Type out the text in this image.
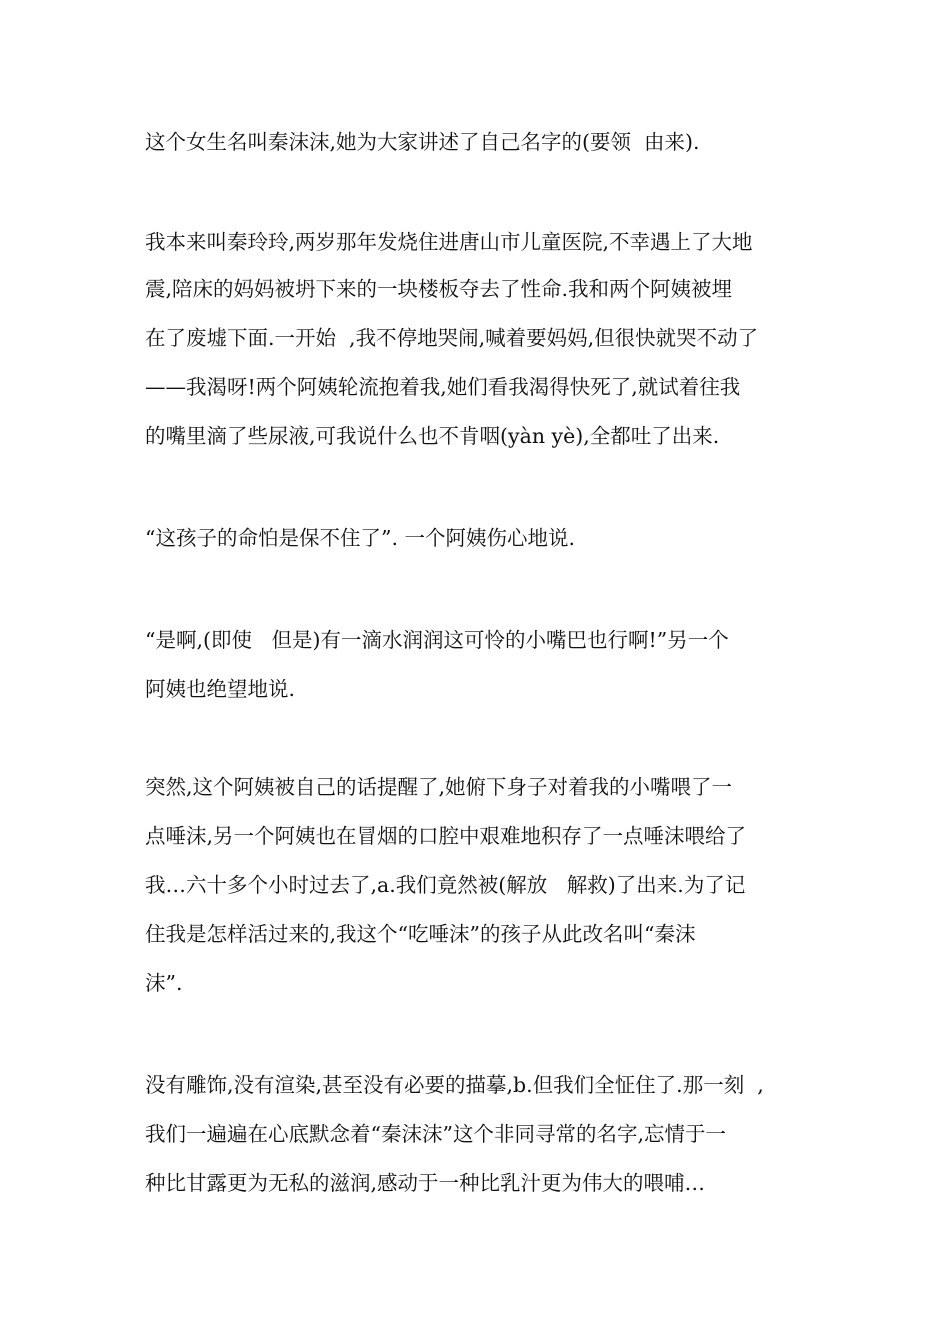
这个女生名叫秦沫沫,她为大家讲述了自己名字的(要领  由来).
我本来叫秦玲玲,两岁那年发烧住进唐山市儿童医院,不幸遇上了大地
震,陪床的妈妈被坍下来的一块楼板夺去了性命.我和两个阿姨被埋
在了废墟下面.一开始  ,我不停地哭闹,喊着要妈妈,但很快就哭不动了
——我渴呀!两个阿姨轮流抱着我,她们看我渴得快死了,就试着往我
的嘴里滴了些尿液,可我说什么也不肯咽(yàn yè),全都吐了出来.
“这孩子的命怕是保不住了”. 一个阿姨伤心地说.
“是啊,(即使   但是)有一滴水润润这可怜的小嘴巴也行啊!”另一个
阿姨也绝望地说.
突然,这个阿姨被自己的话提醒了,她俯下身子对着我的小嘴喂了一
点唾沫,另一个阿姨也在冒烟的口腔中艰难地积存了一点唾沫喂给了
我…六十多个小时过去了,a.我们竟然被(解放   解救)了出来.为了记
住我是怎样活过来的,我这个“吃唾沫”的孩子从此改名叫“秦沫
沫”.
没有雕饰,没有渲染,甚至没有必要的描摹,b.但我们全怔住了.那一刻  ,
我们一遍遍在心底默念着“秦沫沫”这个非同寻常的名字,忘情于一
种比甘露更为无私的滋润,感动于一种比乳汁更为伟大的喂哺…
